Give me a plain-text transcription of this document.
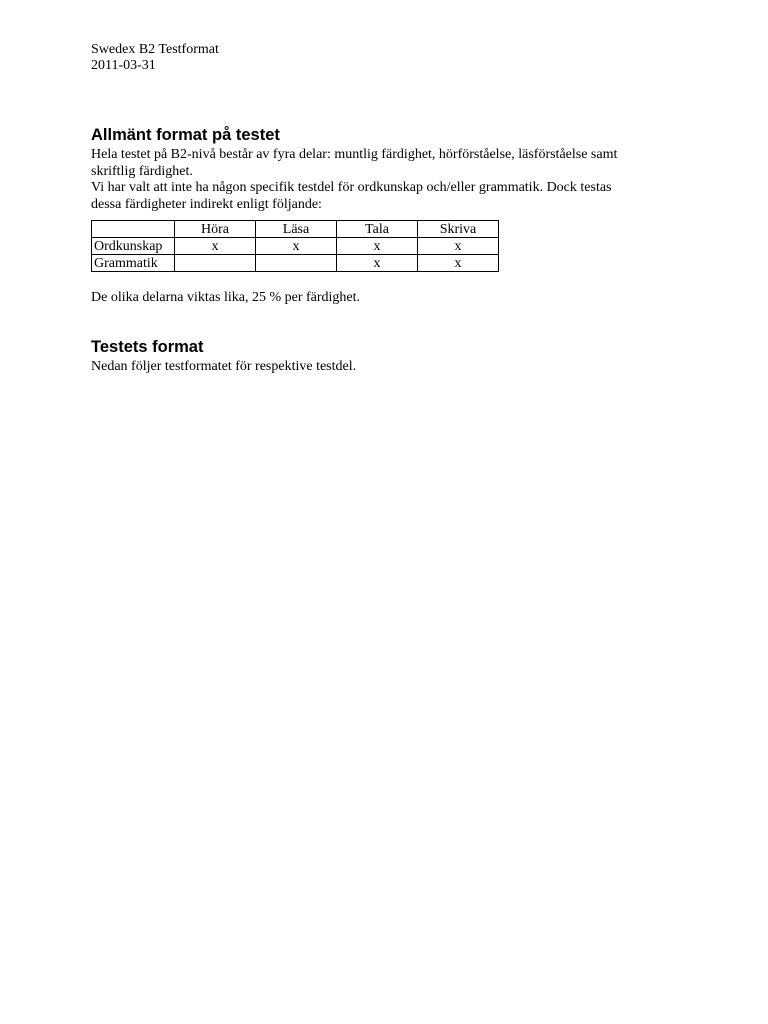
Swedex B2 Testformat

2011-03-31

Allmänt format på testet

Hela testet på B2-nivå består av fyra delar: muntlig färdighet, hörförståelse, läsförståelse samt

skriftlig färdighet.

Vi har valt att inte ha någon specifik testdel för ordkunskap och/eller grammatik. Dock testas

dessa färdigheter indirekt enligt följande:

	Höra	Läsa	Tala	Skriva
Ordkunskap	x	x	x	x
Grammatik			x	x

De olika delarna viktas lika, 25 % per färdighet.

Testets format

Nedan följer testformatet för respektive testdel.
